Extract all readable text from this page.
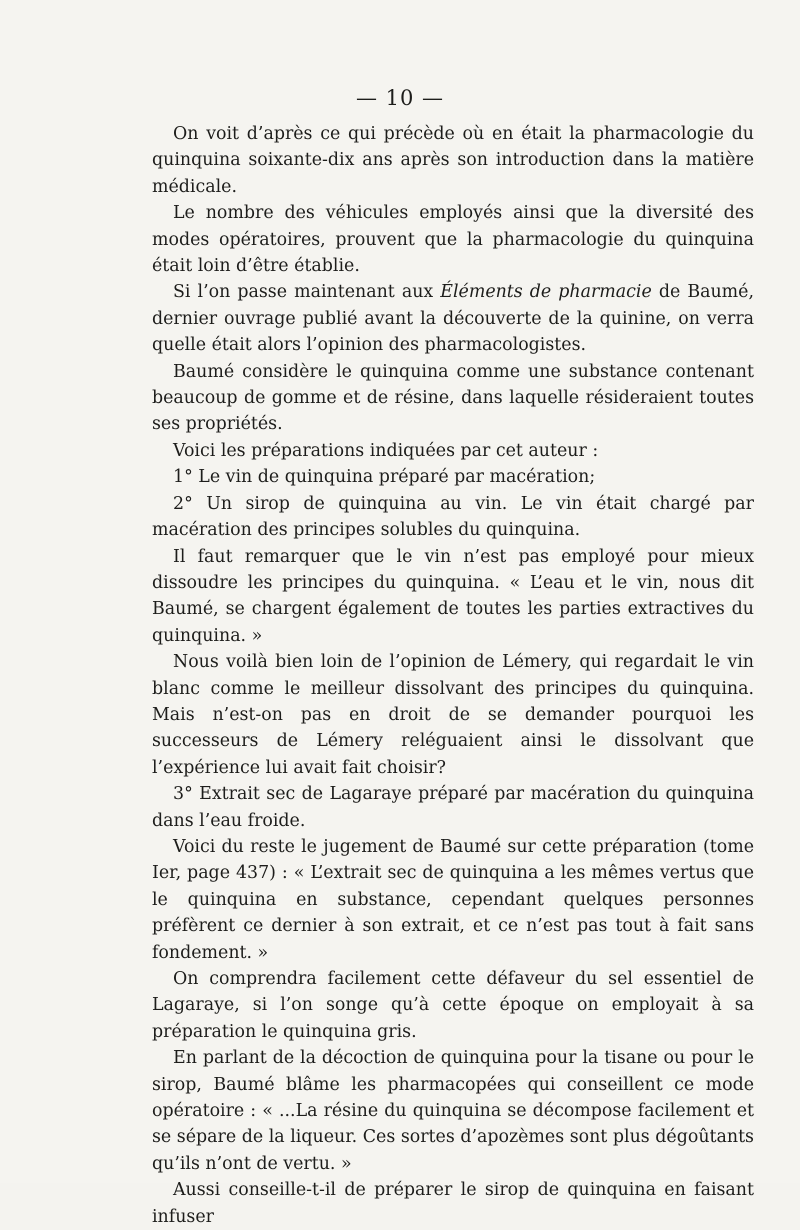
— 10 —

On voit d’après ce qui précède où en était la pharmacologie du quinquina soixante-dix ans après son introduction dans la matière médicale.

Le nombre des véhicules employés ainsi que la diversité des modes opératoires, prouvent que la pharmacologie du quinquina était loin d’être établie.

Si l’on passe maintenant aux Éléments de pharmacie de Baumé, dernier ouvrage publié avant la découverte de la quinine, on verra quelle était alors l’opinion des pharmacologistes.

Baumé considère le quinquina comme une substance contenant beaucoup de gomme et de résine, dans laquelle résideraient toutes ses propriétés.

Voici les préparations indiquées par cet auteur :

1° Le vin de quinquina préparé par macération;

2° Un sirop de quinquina au vin. Le vin était chargé par macération des principes solubles du quinquina.

Il faut remarquer que le vin n’est pas employé pour mieux dissoudre les principes du quinquina. « L’eau et le vin, nous dit Baumé, se chargent également de toutes les parties extractives du quinquina. »

Nous voilà bien loin de l’opinion de Lémery, qui regardait le vin blanc comme le meilleur dissolvant des principes du quinquina. Mais n’est-on pas en droit de se demander pourquoi les successeurs de Lémery reléguaient ainsi le dissolvant que l’expérience lui avait fait choisir?

3° Extrait sec de Lagaraye préparé par macération du quinquina dans l’eau froide.

Voici du reste le jugement de Baumé sur cette préparation (tome Ier, page 437) : « L’extrait sec de quinquina a les mêmes vertus que le quinquina en substance, cependant quelques personnes préfèrent ce dernier à son extrait, et ce n’est pas tout à fait sans fondement. »

On comprendra facilement cette défaveur du sel essentiel de Lagaraye, si l’on songe qu’à cette époque on employait à sa préparation le quinquina gris.

En parlant de la décoction de quinquina pour la tisane ou pour le sirop, Baumé blâme les pharmacopées qui conseillent ce mode opératoire : « ...La résine du quinquina se décompose facilement et se sépare de la liqueur. Ces sortes d’apozèmes sont plus dégoûtants qu’ils n’ont de vertu. »

Aussi conseille-t-il de préparer le sirop de quinquina en faisant infuser
